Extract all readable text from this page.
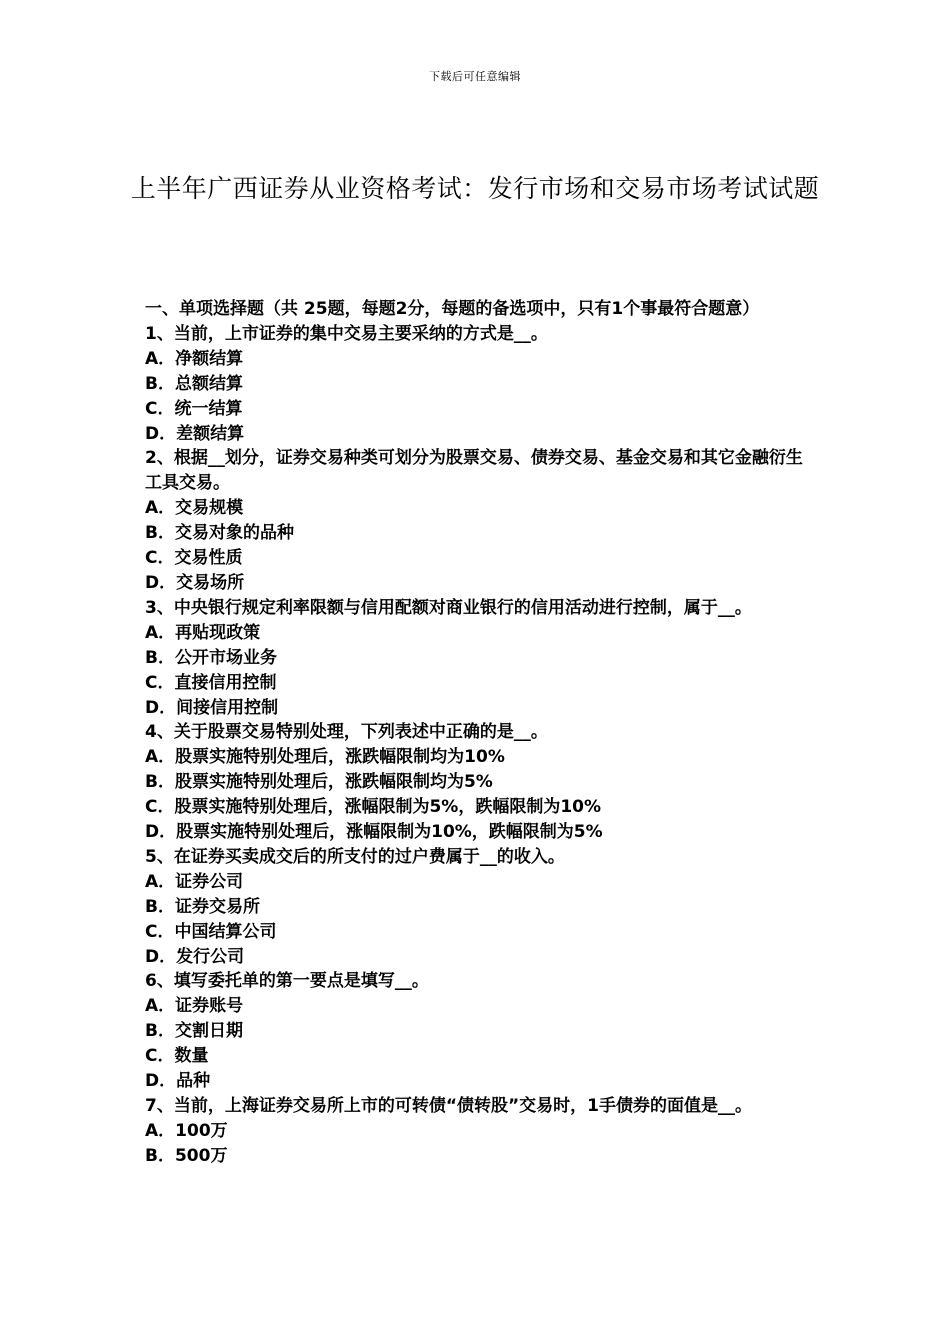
下载后可任意编辑
上半年广西证券从业资格考试：发行市场和交易市场考试试题
一、单项选择题（共 25题，每题2分，每题的备选项中，只有1个事最符合题意）
1、当前，上市证券的集中交易主要采纳的方式是__。
A．净额结算
B．总额结算
C．统一结算
D．差额结算
2、根据__划分，证券交易种类可划分为股票交易、债券交易、基金交易和其它金融衍生工具交易。
A．交易规模
B．交易对象的品种
C．交易性质
D．交易场所
3、中央银行规定利率限额与信用配额对商业银行的信用活动进行控制，属于__。
A．再贴现政策
B．公开市场业务
C．直接信用控制
D．间接信用控制
4、关于股票交易特别处理，下列表述中正确的是__。
A．股票实施特别处理后，涨跌幅限制均为10%
B．股票实施特别处理后，涨跌幅限制均为5%
C．股票实施特别处理后，涨幅限制为5%，跌幅限制为10%
D．股票实施特别处理后，涨幅限制为10%，跌幅限制为5%
5、在证券买卖成交后的所支付的过户费属于__的收入。
A．证券公司
B．证券交易所
C．中国结算公司
D．发行公司
6、填写委托单的第一要点是填写__。
A．证券账号
B．交割日期
C．数量
D．品种
7、当前，上海证券交易所上市的可转债“债转股”交易时，1手债券的面值是__。
A．100万
B．500万
